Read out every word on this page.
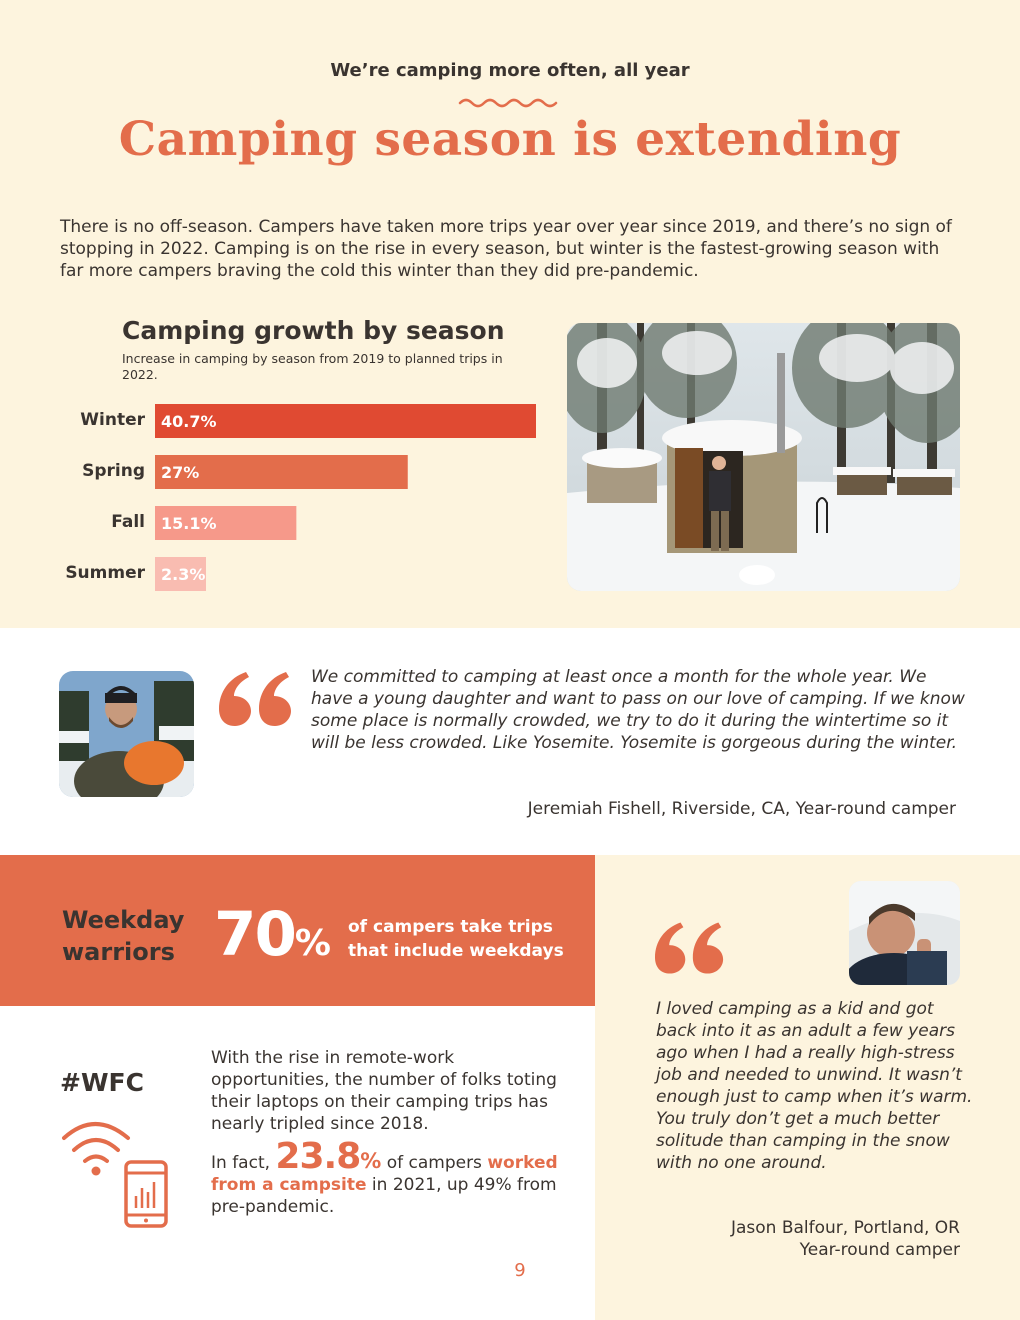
We’re camping more often, all year
Camping season is extending
There is no off-season. Campers have taken more trips year over year since 2019, and there’s no sign of stopping in 2022. Camping is on the rise in every season, but winter is the fastest-growing season with far more campers braving the cold this winter than they did pre-pandemic.
Camping growth by season
Increase in camping by season from 2019 to planned trips in 2022.
Winter 40.7%
Spring 27%
Fall 15.1%
Summer 2.3%
We committed to camping at least once a month for the whole year. We have a young daughter and want to pass on our love of camping. If we know some place is normally crowded, we try to do it during the wintertime so it will be less crowded. Like Yosemite. Yosemite is gorgeous during the winter.
Jeremiah Fishell, Riverside, CA, Year-round camper
Weekday warriors 70% of campers take trips that include weekdays
#WFC
With the rise in remote-work opportunities, the number of folks toting their laptops on their camping trips has nearly tripled since 2018.
In fact, 23.8% of campers worked from a campsite in 2021, up 49% from pre-pandemic.
9
I loved camping as a kid and got back into it as an adult a few years ago when I had a really high-stress job and needed to unwind. It wasn’t enough just to camp when it’s warm. You truly don’t get a much better solitude than camping in the snow with no one around.
Jason Balfour, Portland, OR
Year-round camper
